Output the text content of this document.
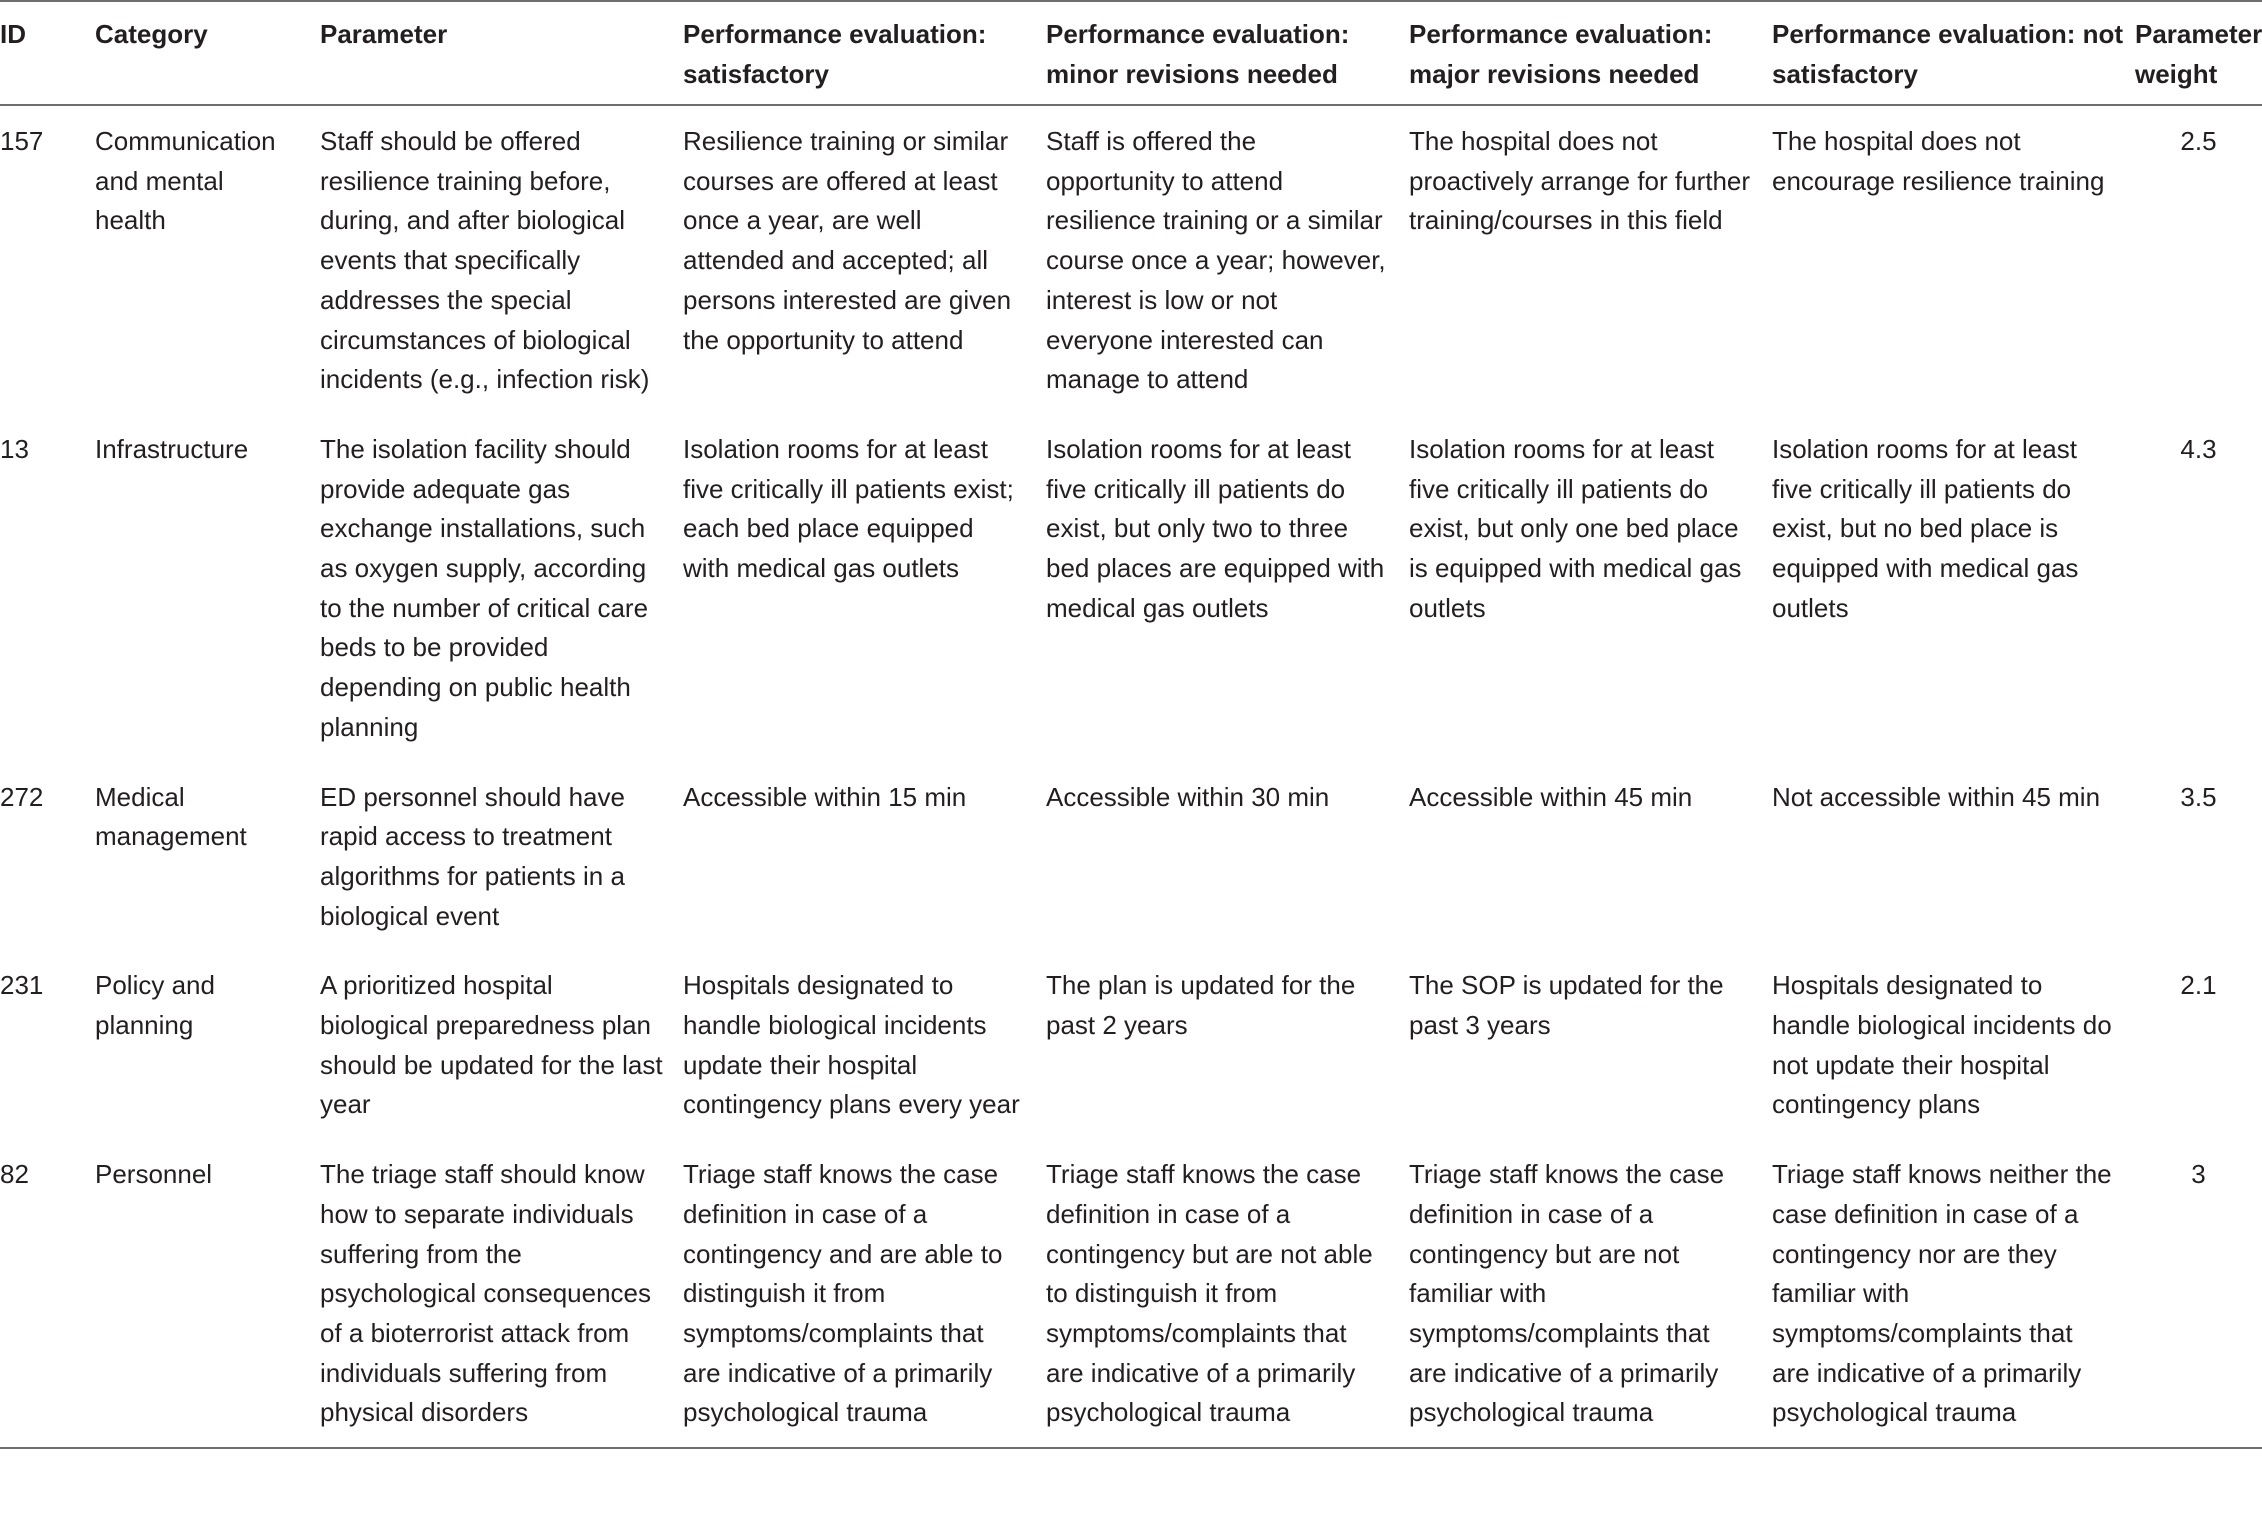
ID	Category	Parameter	Performance evaluation: satisfactory	Performance evaluation: minor revisions needed	Performance evaluation: major revisions needed	Performance evaluation: not satisfactory	Parameter weight
157	Communication and mental health	Staff should be offered resilience training before, during, and after biological events that specifically addresses the special circumstances of biological incidents (e.g., infection risk)	Resilience training or similar courses are offered at least once a year, are well attended and accepted; all persons interested are given the opportunity to attend	Staff is offered the opportunity to attend resilience training or a similar course once a year; however, interest is low or not everyone interested can manage to attend	The hospital does not proactively arrange for further training/courses in this field	The hospital does not encourage resilience training	2.5
13	Infrastructure	The isolation facility should provide adequate gas exchange installations, such as oxygen supply, according to the number of critical care beds to be provided depending on public health planning	Isolation rooms for at least five critically ill patients exist; each bed place equipped with medical gas outlets	Isolation rooms for at least five critically ill patients do exist, but only two to three bed places are equipped with medical gas outlets	Isolation rooms for at least five critically ill patients do exist, but only one bed place is equipped with medical gas outlets	Isolation rooms for at least five critically ill patients do exist, but no bed place is equipped with medical gas outlets	4.3
272	Medical management	ED personnel should have rapid access to treatment algorithms for patients in a biological event	Accessible within 15 min	Accessible within 30 min	Accessible within 45 min	Not accessible within 45 min	3.5
231	Policy and planning	A prioritized hospital biological preparedness plan should be updated for the last year	Hospitals designated to handle biological incidents update their hospital contingency plans every year	The plan is updated for the past 2 years	The SOP is updated for the past 3 years	Hospitals designated to handle biological incidents do not update their hospital contingency plans	2.1
82	Personnel	The triage staff should know how to separate individuals suffering from the psychological consequences of a bioterrorist attack from individuals suffering from physical disorders	Triage staff knows the case definition in case of a contingency and are able to distinguish it from symptoms/complaints that are indicative of a primarily psychological trauma	Triage staff knows the case definition in case of a contingency but are not able to distinguish it from symptoms/complaints that are indicative of a primarily psychological trauma	Triage staff knows the case definition in case of a contingency but are not familiar with symptoms/complaints that are indicative of a primarily psychological trauma	Triage staff knows neither the case definition in case of a contingency nor are they familiar with symptoms/complaints that are indicative of a primarily psychological trauma	3
